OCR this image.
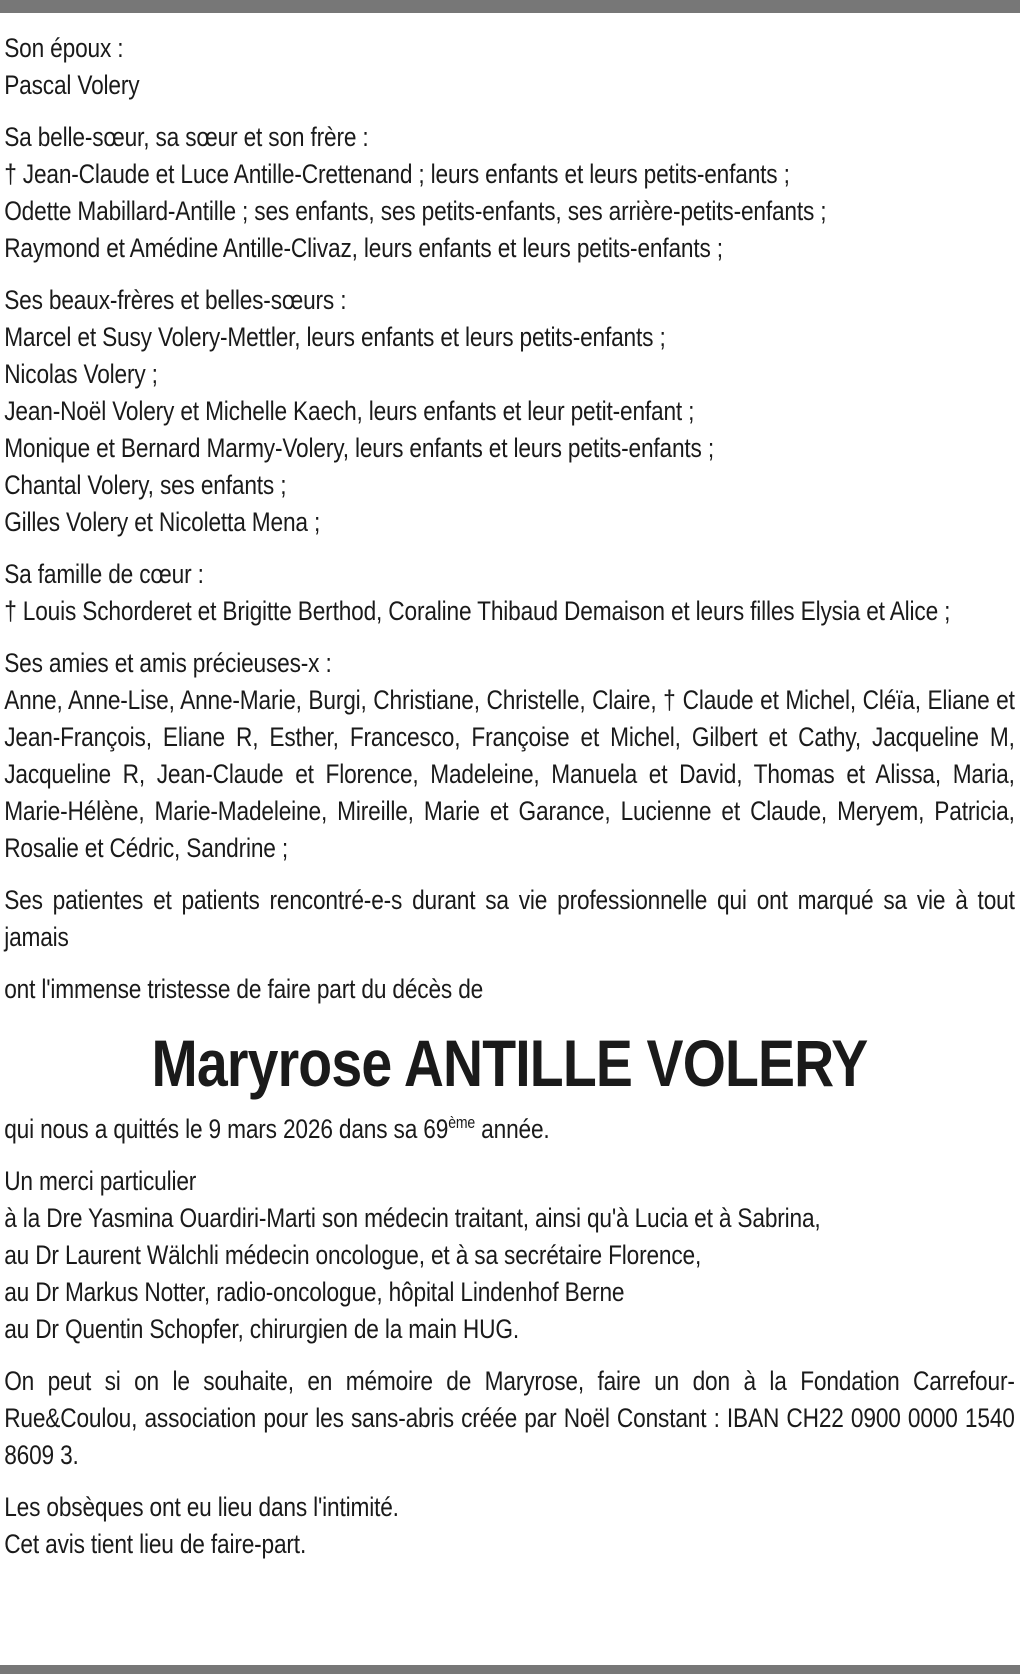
Son époux :
Pascal Volery

Sa belle-sœur, sa sœur et son frère :
† Jean-Claude et Luce Antille-Crettenand ; leurs enfants et leurs petits-enfants ;
Odette Mabillard-Antille ; ses enfants, ses petits-enfants, ses arrière-petits-enfants ;
Raymond et Amédine Antille-Clivaz, leurs enfants et leurs petits-enfants ;

Ses beaux-frères et belles-sœurs :
Marcel et Susy Volery-Mettler, leurs enfants et leurs petits-enfants ;
Nicolas Volery ;
Jean-Noël Volery et Michelle Kaech, leurs enfants et leur petit-enfant ;
Monique et Bernard Marmy-Volery, leurs enfants et leurs petits-enfants ;
Chantal Volery, ses enfants ;
Gilles Volery et Nicoletta Mena ;

Sa famille de cœur :
† Louis Schorderet et Brigitte Berthod, Coraline Thibaud Demaison et leurs filles Elysia et Alice ;

Ses amies et amis précieuses-x :
Anne, Anne-Lise, Anne-Marie, Burgi, Christiane, Christelle, Claire, † Claude et Michel, Cléïa, Eliane et Jean-François, Eliane R, Esther, Francesco, Françoise et Michel, Gilbert et Cathy, Jacqueline M, Jacqueline R, Jean-Claude et Florence, Madeleine, Manuela et David, Thomas et Alissa, Maria, Marie-Hélène, Marie-Madeleine, Mireille, Marie et Garance, Lucienne et Claude, Meryem, Patricia, Rosalie et Cédric, Sandrine ;

Ses patientes et patients rencontré-e-s durant sa vie professionnelle qui ont marqué sa vie à tout jamais

ont l'immense tristesse de faire part du décès de

Maryrose ANTILLE VOLERY

qui nous a quittés le 9 mars 2026 dans sa 69ème année.

Un merci particulier
à la Dre Yasmina Ouardiri-Marti son médecin traitant, ainsi qu'à Lucia et à Sabrina,
au Dr Laurent Wälchli médecin oncologue, et à sa secrétaire Florence,
au Dr Markus Notter, radio-oncologue, hôpital Lindenhof Berne
au Dr Quentin Schopfer, chirurgien de la main HUG.

On peut si on le souhaite, en mémoire de Maryrose, faire un don à la Fondation Carrefour-Rue&Coulou, association pour les sans-abris créée par Noël Constant : IBAN CH22 0900 0000 1540 8609 3.

Les obsèques ont eu lieu dans l'intimité.
Cet avis tient lieu de faire-part.
